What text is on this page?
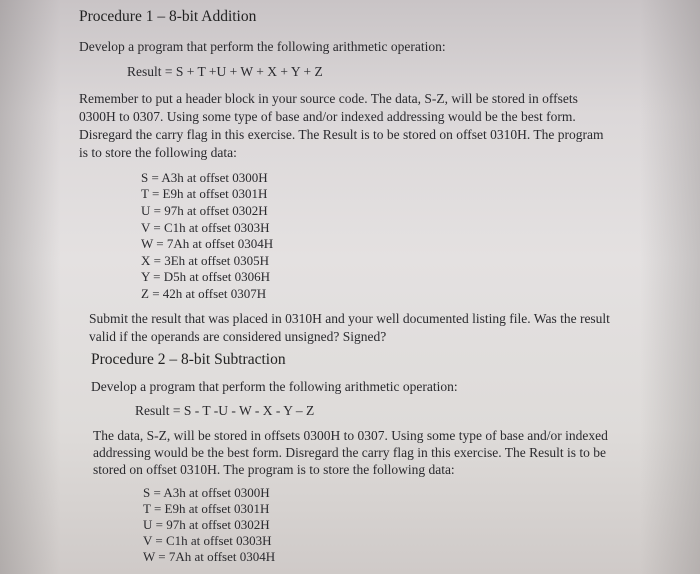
Procedure 1 – 8-bit Addition
Develop a program that perform the following arithmetic operation:
Result = S + T +U + W + X + Y + Z
Remember to put a header block in your source code. The data, S-Z, will be stored in offsets
0300H to 0307. Using some type of base and/or indexed addressing would be the best form.
Disregard the carry flag in this exercise. The Result is to be stored on offset 0310H. The program
is to store the following data:
S = A3h at offset 0300H
T = E9h at offset 0301H
U = 97h at offset 0302H
V = C1h at offset 0303H
W = 7Ah at offset 0304H
X = 3Eh at offset 0305H
Y = D5h at offset 0306H
Z = 42h at offset 0307H
Submit the result that was placed in 0310H and your well documented listing file. Was the result
valid if the operands are considered unsigned? Signed?
Procedure 2 – 8-bit Subtraction
Develop a program that perform the following arithmetic operation:
Result = S - T -U - W - X - Y – Z
The data, S-Z, will be stored in offsets 0300H to 0307. Using some type of base and/or indexed
addressing would be the best form. Disregard the carry flag in this exercise. The Result is to be
stored on offset 0310H. The program is to store the following data:
S = A3h at offset 0300H
T = E9h at offset 0301H
U = 97h at offset 0302H
V = C1h at offset 0303H
W = 7Ah at offset 0304H
